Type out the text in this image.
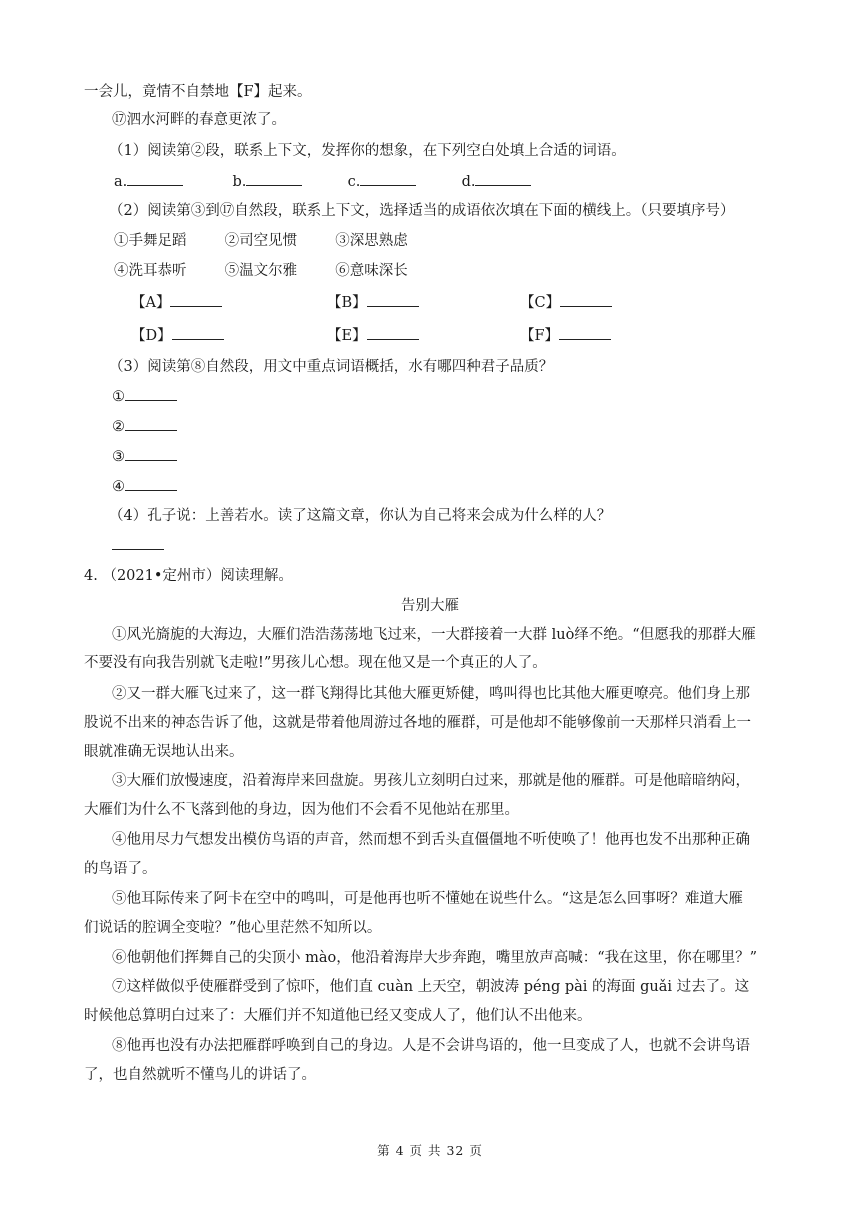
一会儿，竟情不自禁地【F】起来。
⑰泗水河畔的春意更浓了。
（1）阅读第②段，联系上下文，发挥你的想象，在下列空白处填上合适的词语。
a.	b.	c.	d.
（2）阅读第③到⑰自然段，联系上下文，选择适当的成语依次填在下面的横线上。（只要填序号）
①手舞足蹈	②司空见惯	③深思熟虑
④洗耳恭听	⑤温文尔雅	⑥意味深长
【A】	【B】	【C】
【D】	【E】	【F】
（3）阅读第⑧自然段，用文中重点词语概括，水有哪四种君子品质？
①
②
③
④
（4）孔子说：上善若水。读了这篇文章，你认为自己将来会成为什么样的人？
4. （2021•定州市）阅读理解。
告别大雁
①风光旖旎的大海边，大雁们浩浩荡荡地飞过来，一大群接着一大群 luò绎不绝。“但愿我的那群大雁
不要没有向我告别就飞走啦!”男孩儿心想。现在他又是一个真正的人了。
②又一群大雁飞过来了，这一群飞翔得比其他大雁更矫健，鸣叫得也比其他大雁更嘹亮。他们身上那
股说不出来的神态告诉了他，这就是带着他周游过各地的雁群，可是他却不能够像前一天那样只消看上一
眼就准确无误地认出来。
③大雁们放慢速度，沿着海岸来回盘旋。男孩儿立刻明白过来，那就是他的雁群。可是他暗暗纳闷，
大雁们为什么不飞落到他的身边，因为他们不会看不见他站在那里。
④他用尽力气想发出模仿鸟语的声音，然而想不到舌头直僵僵地不听使唤了！他再也发不出那种正确
的鸟语了。
⑤他耳际传来了阿卡在空中的鸣叫，可是他再也听不懂她在说些什么。“这是怎么回事呀？难道大雁
们说话的腔调全变啦？”他心里茫然不知所以。
⑥他朝他们挥舞自己的尖顶小 mào，他沿着海岸大步奔跑，嘴里放声高喊：“我在这里，你在哪里？”
⑦这样做似乎使雁群受到了惊吓，他们直 cuàn 上天空，朝波涛 péng pài 的海面 guǎi 过去了。这
时候他总算明白过来了：大雁们并不知道他已经又变成人了，他们认不出他来。
⑧他再也没有办法把雁群呼唤到自己的身边。人是不会讲鸟语的，他一旦变成了人，也就不会讲鸟语
了，也自然就听不懂鸟儿的讲话了。
第 4 页 共 32 页
